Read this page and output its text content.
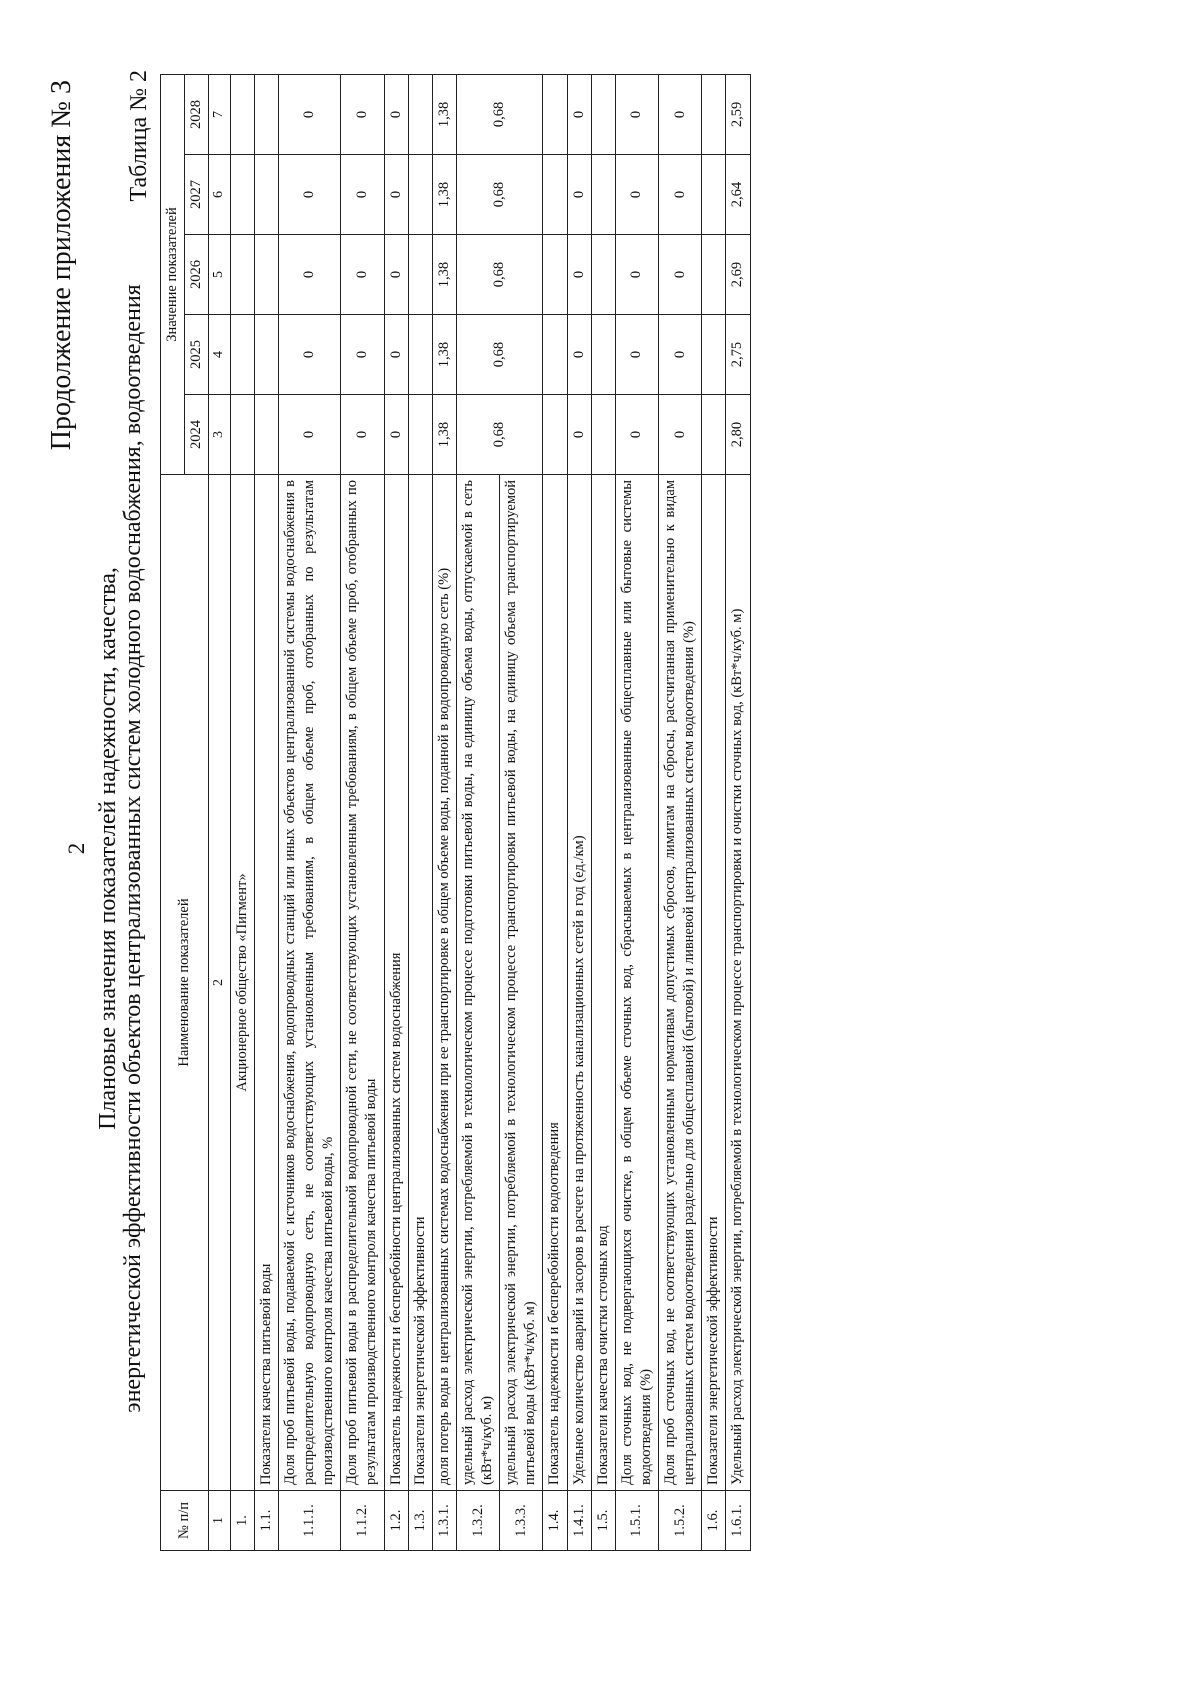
2
Продолжение приложения № 3
Плановые значения показателей надежности, качества, энергетической эффективности объектов централизованных систем холодного водоснабжения, водоотведения
Таблица № 2
№ п/п	Наименование показателей	Значение показателей				
		2024	2025	2026	2027	2028
1	2	3	4	5	6	7
1.	Акционерное общество «Пигмент»					
1.1.	Показатели качества питьевой воды					
1.1.1.	Доля проб питьевой воды, подаваемой с источников водоснабжения, водопроводных станций или иных объектов централизованной системы водоснабжения в распределительную водопроводную сеть, не соответствующих установленным требованиям, в общем объеме проб, отобранных по результатам производственного контроля качества питьевой воды, %	0	0	0	0	0
1.1.2.	Доля проб питьевой воды в распределительной водопроводной сети, не соответствующих установленным требованиям, в общем объеме проб, отобранных по результатам производственного контроля качества питьевой воды	0	0	0	0	0
1.2.	Показатель надежности и бесперебойности централизованных систем водоснабжения	0	0	0	0	0
1.3.	Показатели энергетической эффективности					
1.3.1.	доля потерь воды в централизованных системах водоснабжения при ее транспортировке в общем объеме воды, поданной в водопроводную сеть (%)	1,38	1,38	1,38	1,38	1,38
1.3.2.	удельный расход электрической энергии, потребляемой в технологическом процессе подготовки питьевой воды, на единицу объема воды, отпускаемой в сеть (кВт*ч/куб. м)	0,68	0,68	0,68	0,68	0,68
1.3.3.	удельный расход электрической энергии, потребляемой в технологическом процессе транспортировки питьевой воды, на единицу объема транспортируемой питьевой воды (кВт*ч/куб. м)					
1.4.	Показатель надежности и бесперебойности водоотведения					
1.4.1.	Удельное количество аварий и засоров в расчете на протяженность канализационных сетей в год (ед./км)	0	0	0	0	0
1.5.	Показатели качества очистки сточных вод					
1.5.1.	Доля сточных вод, не подвергающихся очистке, в общем объеме сточных вод, сбрасываемых в централизованные общесплавные или бытовые системы водоотведения (%)	0	0	0	0	0
1.5.2.	Доля проб сточных вод, не соответствующих установленным нормативам допустимых сбросов, лимитам на сбросы, рассчитанная применительно к видам централизованных систем водоотведения раздельно для общесплавной (бытовой) и ливневой централизованных систем водоотведения (%)	0	0	0	0	0
1.6.	Показатели энергетической эффективности					
1.6.1.	Удельный расход электрической энергии, потребляемой в технологическом процессе транспортировки и очистки сточных вод, (кВт*ч/куб. м)	2,80	2,75	2,69	2,64	2,59
